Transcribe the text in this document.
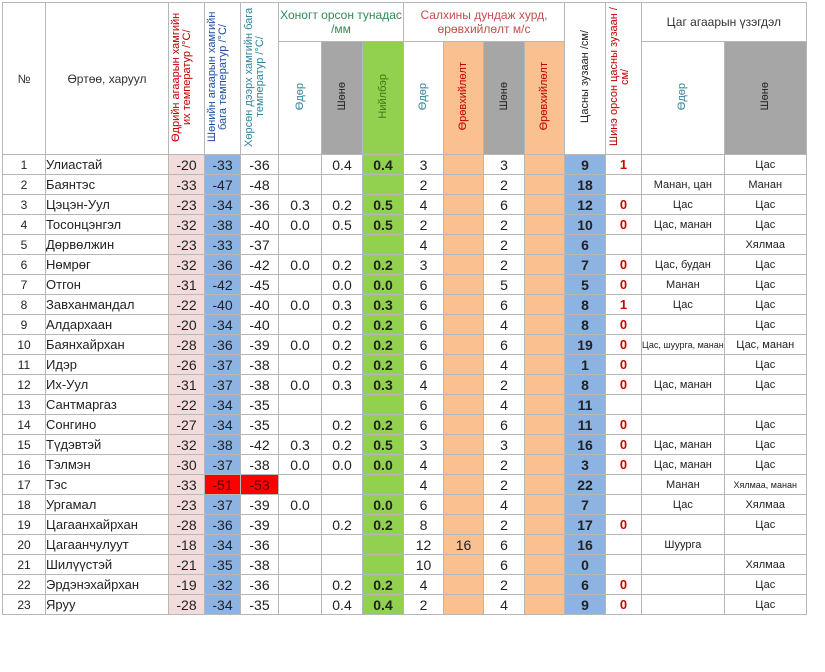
№	Өртөө, харуул	Өдрийн агаарын хамгийн их температур /°С/	Шөнийн агаарын хамгийн бага температур /°С/	Хөрсөн дээрх хамгийн бага температур /°С/	Хоногт орсон тунадас /мм			Салхины дундаж хурд, өрөвхийлөлт м/с				Цасны зузаан /см/	Шинэ орсон цасны зузаан /см/	Цаг агаарын үзэгдэл	
					Өдөр	Шөнө	Нийлбэр	Өдөр	Өрөвхийлөлт	Шөнө	Өрөвхийлөлт			Өдөр	Шөнө
1	Улиастай	-20	-33	-36		0.4	0.4	3		3		9	1		Цас
2	Баянтэс	-33	-47	-48				2		2		18		Манан, цан	Манан
3	Цэцэн-Уул	-23	-34	-36	0.3	0.2	0.5	4		6		12	0	Цас	Цас
4	Тосонцэнгэл	-32	-38	-40	0.0	0.5	0.5	2		2		10	0	Цас, манан	Цас
5	Дөрвөлжин	-23	-33	-37				4		2		6			Хялмаа
6	Нөмрөг	-32	-36	-42	0.0	0.2	0.2	3		2		7	0	Цас, будан	Цас
7	Отгон	-31	-42	-45		0.0	0.0	6		5		5	0	Манан	Цас
8	Завханмандал	-22	-40	-40	0.0	0.3	0.3	6		6		8	1	Цас	Цас
9	Алдархаан	-20	-34	-40		0.2	0.2	6		4		8	0		Цас
10	Баянхайрхан	-28	-36	-39	0.0	0.2	0.2	6		6		19	0	Цас, шуурга, манан	Цас, манан
11	Идэр	-26	-37	-38		0.2	0.2	6		4		1	0		Цас
12	Их-Уул	-31	-37	-38	0.0	0.3	0.3	4		2		8	0	Цас, манан	Цас
13	Сантмаргаз	-22	-34	-35				6		4		11			
14	Сонгино	-27	-34	-35		0.2	0.2	6		6		11	0		Цас
15	Түдэвтэй	-32	-38	-42	0.3	0.2	0.5	3		3		16	0	Цас, манан	Цас
16	Тэлмэн	-30	-37	-38	0.0	0.0	0.0	4		2		3	0	Цас, манан	Цас
17	Тэс	-33	-51	-53				4		2		22		Манан	Хялмаа, манан
18	Ургамал	-23	-37	-39	0.0		0.0	6		4		7		Цас	Хялмаа
19	Цагаанхайрхан	-28	-36	-39		0.2	0.2	8		2		17	0		Цас
20	Цагаанчулуут	-18	-34	-36				12	16	6		16		Шуурга	
21	Шилүүстэй	-21	-35	-38				10		6		0			Хялмаа
22	Эрдэнэхайрхан	-19	-32	-36		0.2	0.2	4		2		6	0		Цас
23	Яруу	-28	-34	-35		0.4	0.4	2		4		9	0		Цас
